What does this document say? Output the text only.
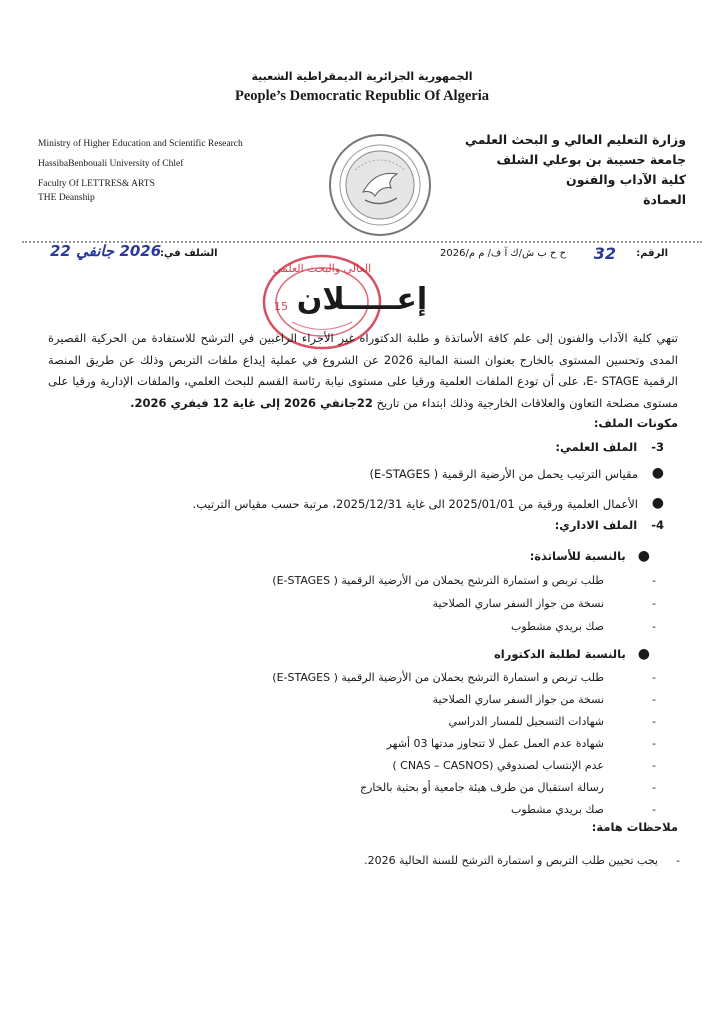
الجمهورية الجزائرية الديمقراطية الشعبية
People’s Democratic Republic Of Algeria
Ministry of Higher Education and Scientific Research
HassibaBenbouali University of Chlef
Faculty Of LETTRES& ARTS
THE Deanship
وزارة التعليم العالي و البحث العلمي
جامعة حسيبة بن بوعلي الشلف
كلية الآداب والفنون
العمادة
الرقم:
32
ح ح ب ش/ك آ ف/ م م/2026
الشلف في:
2026 جانفي 22
العالي والبحث العلمي
15 إعـــــلان
تنهي كلية الآداب والفنون إلى علم كافة الأساتذة و طلبة الدكتوراه غير الأجراء الراغبين في الترشح للاستفادة من الحركية القصيرة المدى وتحسين المستوى بالخارج بعنوان السنة المالية 2026 عن الشروع في عملية إيداع ملفات التربص وذلك عن طريق المنصة الرقمية E- STAGE، على أن تودع الملفات العلمية ورقيا على مستوى نيابة رئاسة القسم للبحث العلمي، والملفات الإدارية ورقيا على مستوى مصلحة التعاون والعلاقات الخارجية وذلك ابتداء من تاريخ 22جانفي 2026 إلى غاية 12 فيفري 2026.
مكونات الملف:
3- الملف العلمي:
●
مقياس الترتيب يحمل من الأرضية الرقمية ( E-STAGES)
●
الأعمال العلمية ورقية من 2025/01/01 الى غاية 2025/12/31، مرتبة حسب مقياس الترتيب.
4- الملف الاداري:
● بالنسبة للأساتذة:
-
طلب تربص و استمارة الترشح يحملان من الأرضية الرقمية ( E-STAGES)
-
نسخة من جواز السفر ساري الصلاحية
-
صك بريدي مشطوب
● بالنسبة لطلبة الدكتوراه
-
طلب تربص و استمارة الترشح يحملان من الأرضية الرقمية ( E-STAGES)
-
نسخة من جواز السفر ساري الصلاحية
-
شهادات التسجيل للمسار الدراسي
-
شهادة عدم العمل عمل لا تتجاوز مدتها 03 أشهر
-
عدم الإنتساب لصندوقي (CNAS – CASNOS )
-
رسالة استقبال من طرف هيئة جامعية أو بحثية بالخارج
-
صك بريدي مشطوب
ملاحظات هامة:
-
يجب تحيين طلب التربص و استمارة الترشح للسنة الحالية 2026.
